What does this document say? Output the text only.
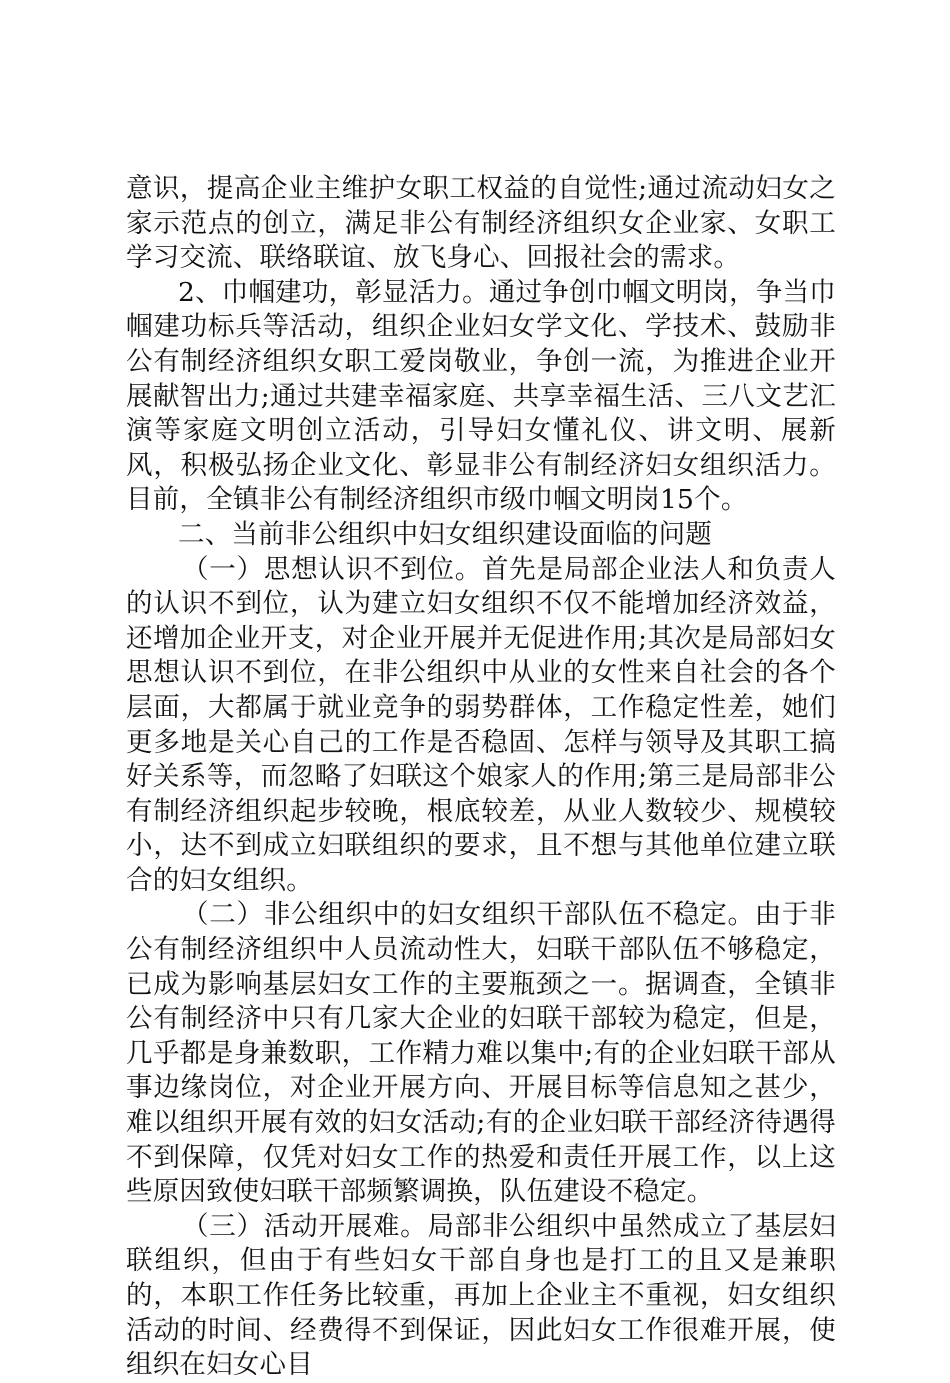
意识，提高企业主维护女职工权益的自觉性;通过流动妇女之家示范点的创立，满足非公有制经济组织女企业家、女职工学习交流、联络联谊、放飞身心、回报社会的需求。

2、巾帼建功，彰显活力。通过争创巾帼文明岗，争当巾帼建功标兵等活动，组织企业妇女学文化、学技术、鼓励非公有制经济组织女职工爱岗敬业，争创一流，为推进企业开展献智出力;通过共建幸福家庭、共享幸福生活、三八文艺汇演等家庭文明创立活动，引导妇女懂礼仪、讲文明、展新风，积极弘扬企业文化、彰显非公有制经济妇女组织活力。目前，全镇非公有制经济组织市级巾帼文明岗15个。

二、当前非公组织中妇女组织建设面临的问题

（一）思想认识不到位。首先是局部企业法人和负责人的认识不到位，认为建立妇女组织不仅不能增加经济效益，还增加企业开支，对企业开展并无促进作用;其次是局部妇女思想认识不到位，在非公组织中从业的女性来自社会的各个层面，大都属于就业竞争的弱势群体，工作稳定性差，她们更多地是关心自己的工作是否稳固、怎样与领导及其职工搞好关系等，而忽略了妇联这个娘家人的作用;第三是局部非公有制经济组织起步较晚，根底较差，从业人数较少、规模较小，达不到成立妇联组织的要求，且不想与其他单位建立联合的妇女组织。

（二）非公组织中的妇女组织干部队伍不稳定。由于非公有制经济组织中人员流动性大，妇联干部队伍不够稳定，已成为影响基层妇女工作的主要瓶颈之一。据调查，全镇非公有制经济中只有几家大企业的妇联干部较为稳定，但是，几乎都是身兼数职，工作精力难以集中;有的企业妇联干部从事边缘岗位，对企业开展方向、开展目标等信息知之甚少，难以组织开展有效的妇女活动;有的企业妇联干部经济待遇得不到保障，仅凭对妇女工作的热爱和责任开展工作，以上这些原因致使妇联干部频繁调换，队伍建设不稳定。

（三）活动开展难。局部非公组织中虽然成立了基层妇联组织，但由于有些妇女干部自身也是打工的且又是兼职的，本职工作任务比较重，再加上企业主不重视，妇女组织活动的时间、经费得不到保证，因此妇女工作很难开展，使组织在妇女心目
